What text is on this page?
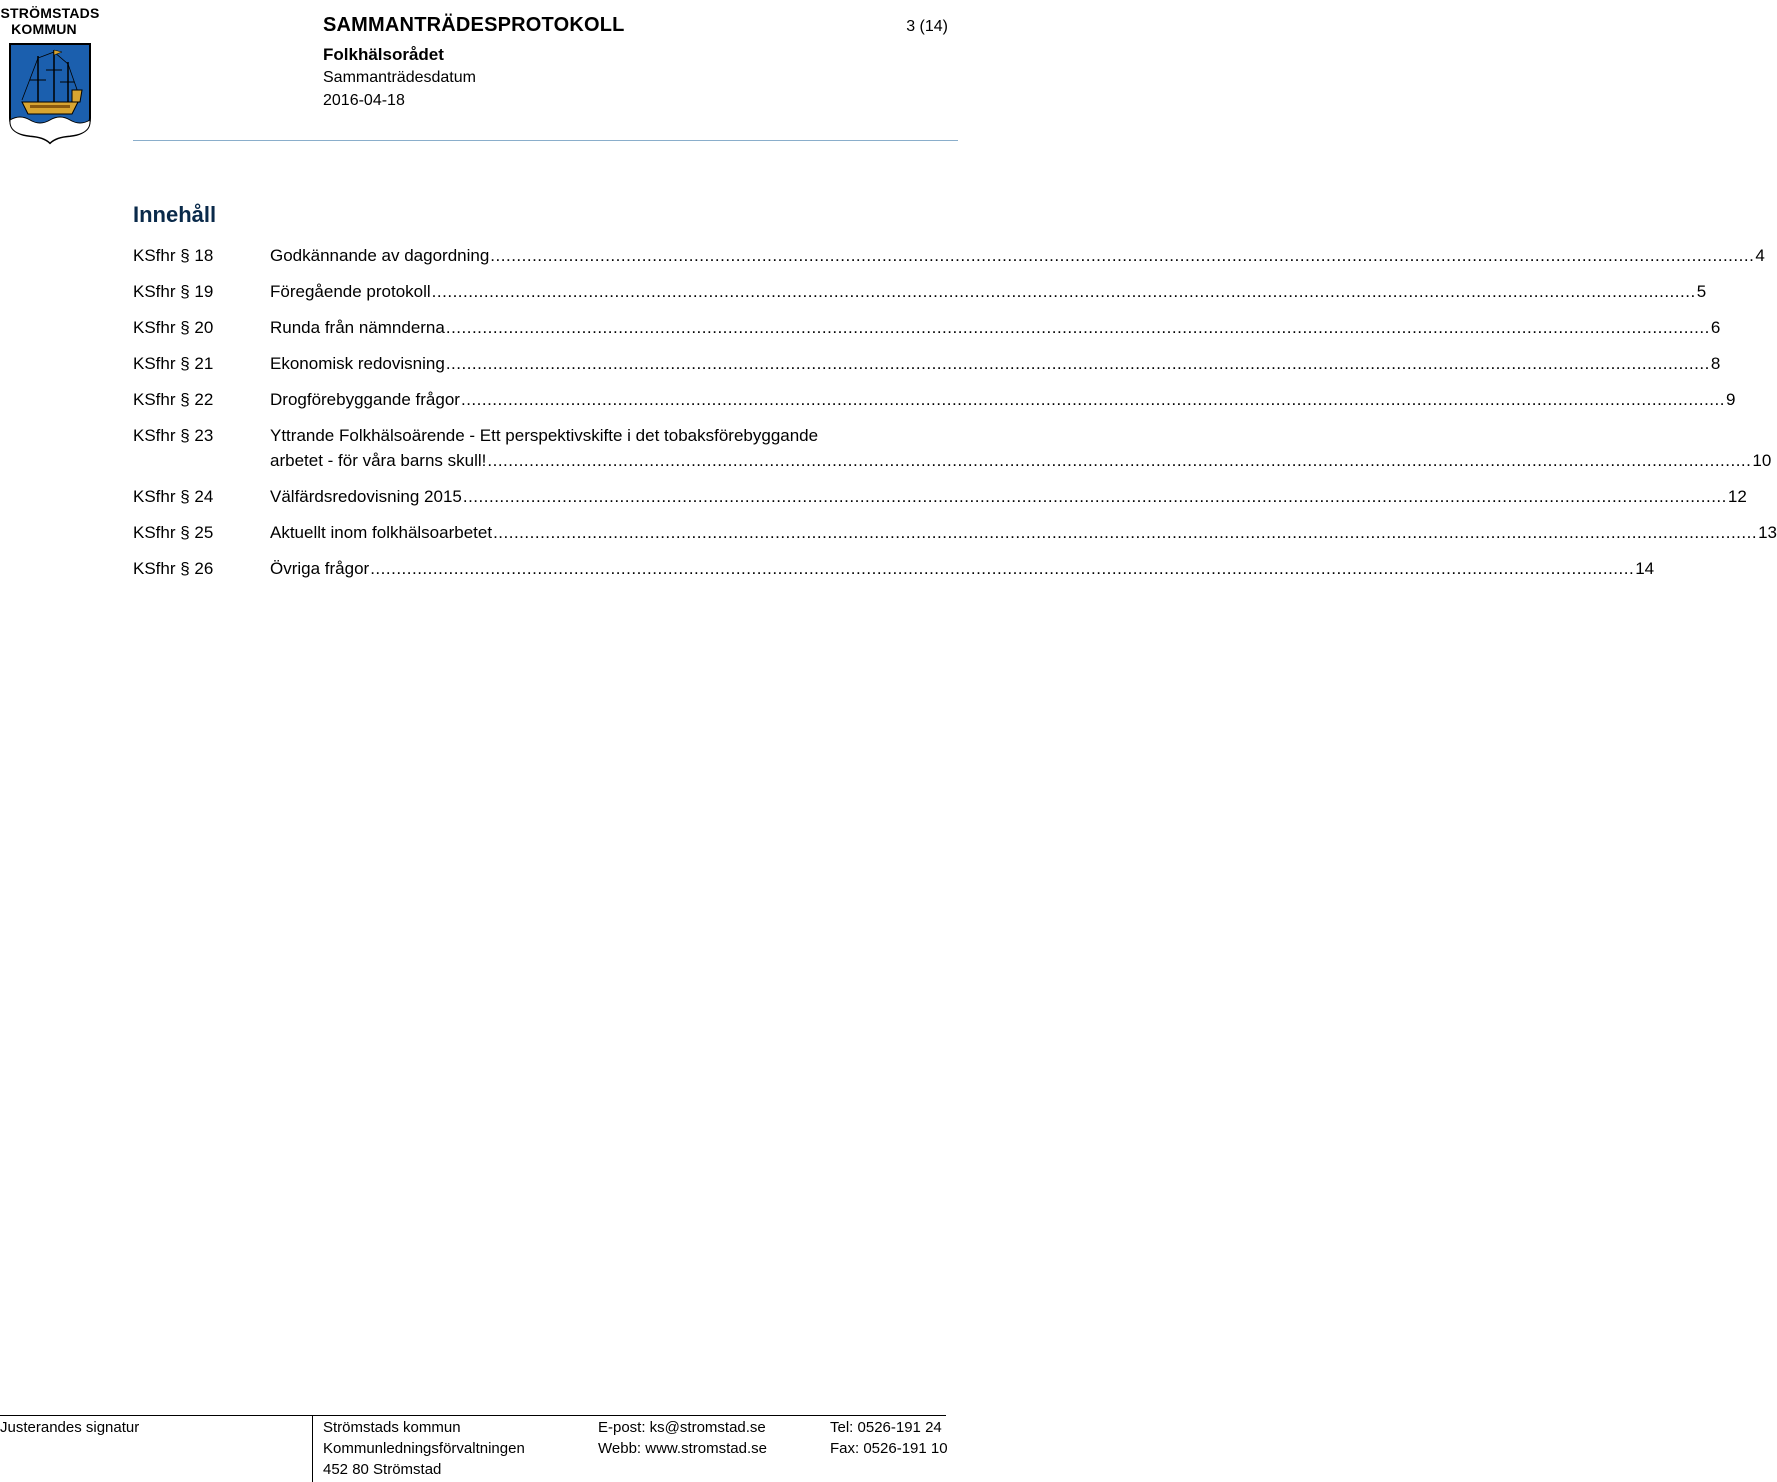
STRÖMSTADS
KOMMUN	SAMMANTRÄDESPROTOKOLL	3 (14)
Folkhälsorådet
Sammanträdesdatum
2016-04-18
Innehåll
KSfhr § 18	Godkännande av dagordning .....	4
KSfhr § 19	Föregående protokoll .....	5
KSfhr § 20	Runda från nämnderna .....	6
KSfhr § 21	Ekonomisk redovisning .....	8
KSfhr § 22	Drogförebyggande frågor .....	9
KSfhr § 23	Yttrande Folkhälsoärende - Ett perspektivskifte i det tobaksförebyggande
arbetet - för våra barns skull! .....	10
KSfhr § 24	Välfärdsredovisning 2015 .....	12
KSfhr § 25	Aktuellt inom folkhälsoarbetet .....	13
KSfhr § 26	Övriga frågor .....	14
Justerandes signatur	Strömstads kommun
Kommunledningsförvaltningen
452 80 Strömstad
E-post: ks@stromstad.se
Webb: www.stromstad.se
Tel: 0526-191 24
Fax: 0526-191 10
